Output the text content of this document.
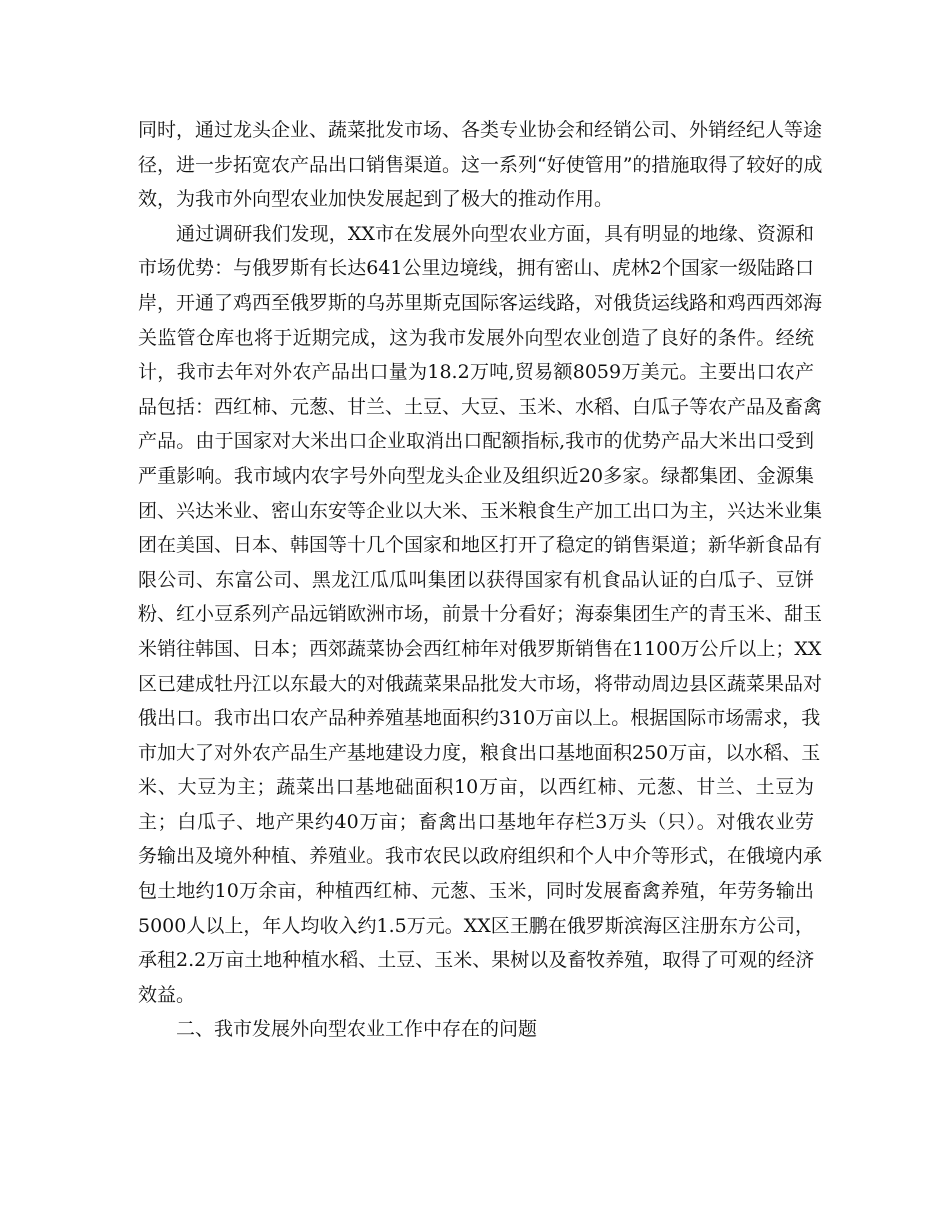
同时，通过龙头企业、蔬菜批发市场、各类专业协会和经销公司、外销经纪人等途
径，进一步拓宽农产品出口销售渠道。这一系列“好使管用”的措施取得了较好的成
效，为我市外向型农业加快发展起到了极大的推动作用。
通过调研我们发现，XX市在发展外向型农业方面，具有明显的地缘、资源和
市场优势：与俄罗斯有长达641公里边境线，拥有密山、虎林2个国家一级陆路口
岸，开通了鸡西至俄罗斯的乌苏里斯克国际客运线路，对俄货运线路和鸡西西郊海
关监管仓库也将于近期完成，这为我市发展外向型农业创造了良好的条件。经统
计，我市去年对外农产品出口量为18.2万吨,贸易额8059万美元。主要出口农产
品包括：西红柿、元葱、甘兰、土豆、大豆、玉米、水稻、白瓜子等农产品及畜禽
产品。由于国家对大米出口企业取消出口配额指标,我市的优势产品大米出口受到
严重影响。我市域内农字号外向型龙头企业及组织近20多家。绿都集团、金源集
团、兴达米业、密山东安等企业以大米、玉米粮食生产加工出口为主，兴达米业集
团在美国、日本、韩国等十几个国家和地区打开了稳定的销售渠道；新华新食品有
限公司、东富公司、黑龙江瓜瓜叫集团以获得国家有机食品认证的白瓜子、豆饼
粉、红小豆系列产品远销欧洲市场，前景十分看好；海泰集团生产的青玉米、甜玉
米销往韩国、日本；西郊蔬菜协会西红柿年对俄罗斯销售在1100万公斤以上；XX
区已建成牡丹江以东最大的对俄蔬菜果品批发大市场，将带动周边县区蔬菜果品对
俄出口。我市出口农产品种养殖基地面积约310万亩以上。根据国际市场需求，我
市加大了对外农产品生产基地建设力度，粮食出口基地面积250万亩，以水稻、玉
米、大豆为主；蔬菜出口基地础面积10万亩，以西红柿、元葱、甘兰、土豆为
主；白瓜子、地产果约40万亩；畜禽出口基地年存栏3万头（只）。对俄农业劳
务输出及境外种植、养殖业。我市农民以政府组织和个人中介等形式，在俄境内承
包土地约10万余亩，种植西红柿、元葱、玉米，同时发展畜禽养殖，年劳务输出
5000人以上，年人均收入约1.5万元。XX区王鹏在俄罗斯滨海区注册东方公司，
承租2.2万亩土地种植水稻、土豆、玉米、果树以及畜牧养殖，取得了可观的经济
效益。
二、我市发展外向型农业工作中存在的问题
